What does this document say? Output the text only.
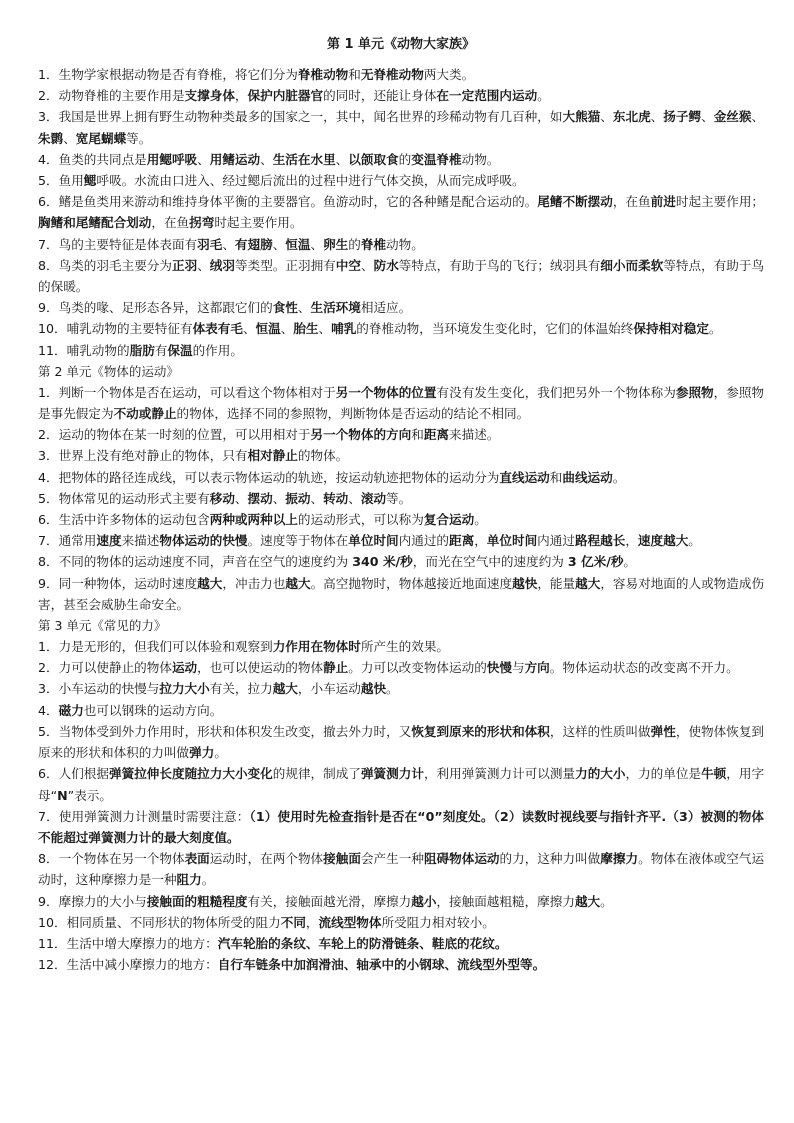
第 1 单元《动物大家族》

1．生物学家根据动物是否有脊椎，将它们分为脊椎动物和无脊椎动物两大类。

2．动物脊椎的主要作用是支撑身体，保护内脏器官的同时，还能让身体在一定范围内运动。

3．我国是世界上拥有野生动物种类最多的国家之一，其中，闻名世界的珍稀动物有几百种，如大熊猫、东北虎、扬子鳄、金丝猴、朱鹮、宽尾蝴蝶等。

4．鱼类的共同点是用鳃呼吸、用鳍运动、生活在水里、以颌取食的变温脊椎动物。

5．鱼用鳃呼吸。水流由口进入、经过鳃后流出的过程中进行气体交换，从而完成呼吸。

6．鳍是鱼类用来游动和维持身体平衡的主要器官。鱼游动时，它的各种鳍是配合运动的。尾鳍不断摆动，在鱼前进时起主要作用；胸鳍和尾鳍配合划动，在鱼拐弯时起主要作用。

7．鸟的主要特征是体表面有羽毛、有翅膀、恒温、卵生的脊椎动物。

8．鸟类的羽毛主要分为正羽、绒羽等类型。正羽拥有中空、防水等特点，有助于鸟的飞行；绒羽具有细小而柔软等特点，有助于鸟的保暖。

9．鸟类的喙、足形态各异，这都跟它们的食性、生活环境相适应。

10．哺乳动物的主要特征有体表有毛、恒温、胎生、哺乳的脊椎动物，当环境发生变化时，它们的体温始终保持相对稳定。

11．哺乳动物的脂肪有保温的作用。

第 2 单元《物体的运动》

1．判断一个物体是否在运动，可以看这个物体相对于另一个物体的位置有没有发生变化，我们把另外一个物体称为参照物，参照物是事先假定为不动或静止的物体，选择不同的参照物，判断物体是否运动的结论不相同。

2．运动的物体在某一时刻的位置，可以用相对于另一个物体的方向和距离来描述。

3．世界上没有绝对静止的物体，只有相对静止的物体。

4．把物体的路径连成线，可以表示物体运动的轨迹，按运动轨迹把物体的运动分为直线运动和曲线运动。

5．物体常见的运动形式主要有移动、摆动、振动、转动、滚动等。

6．生活中许多物体的运动包含两种或两种以上的运动形式，可以称为复合运动。

7．通常用速度来描述物体运动的快慢。速度等于物体在单位时间内通过的距离，单位时间内通过路程越长，速度越大。

8．不同的物体的运动速度不同，声音在空气的速度约为 340 米/秒，而光在空气中的速度约为 3 亿米/秒。

9．同一种物体，运动时速度越大，冲击力也越大。高空抛物时，物体越接近地面速度越快，能量越大，容易对地面的人或物造成伤害，甚至会威胁生命安全。

第 3 单元《常见的力》

1．力是无形的，但我们可以体验和观察到力作用在物体时所产生的效果。

2．力可以使静止的物体运动，也可以使运动的物体静止。力可以改变物体运动的快慢与方向。物体运动状态的改变离不开力。

3．小车运动的快慢与拉力大小有关，拉力越大，小车运动越快。

4．磁力也可以钢珠的运动方向。

5．当物体受到外力作用时，形状和体积发生改变，撤去外力时，又恢复到原来的形状和体积，这样的性质叫做弹性，使物体恢复到原来的形状和体积的力叫做弹力。

6．人们根据弹簧拉伸长度随拉力大小变化的规律，制成了弹簧测力计，利用弹簧测力计可以测量力的大小，力的单位是牛顿，用字母“N”表示。

7．使用弹簧测力计测量时需要注意：（1）使用时先检查指针是否在“0”刻度处。（2）读数时视线要与指针齐平.（3）被测的物体不能超过弹簧测力计的最大刻度值。

8．一个物体在另一个物体表面运动时，在两个物体接触面会产生一种阻碍物体运动的力，这种力叫做摩擦力。物体在液体或空气运动时，这种摩擦力是一种阻力。

9．摩擦力的大小与接触面的粗糙程度有关，接触面越光滑，摩擦力越小，接触面越粗糙，摩擦力越大。

10．相同质量、不同形状的物体所受的阻力不同，流线型物体所受阻力相对较小。

11．生活中增大摩擦力的地方：汽车轮胎的条纹、车轮上的防滑链条、鞋底的花纹。

12．生活中减小摩擦力的地方：自行车链条中加润滑油、轴承中的小钢球、流线型外型等。
